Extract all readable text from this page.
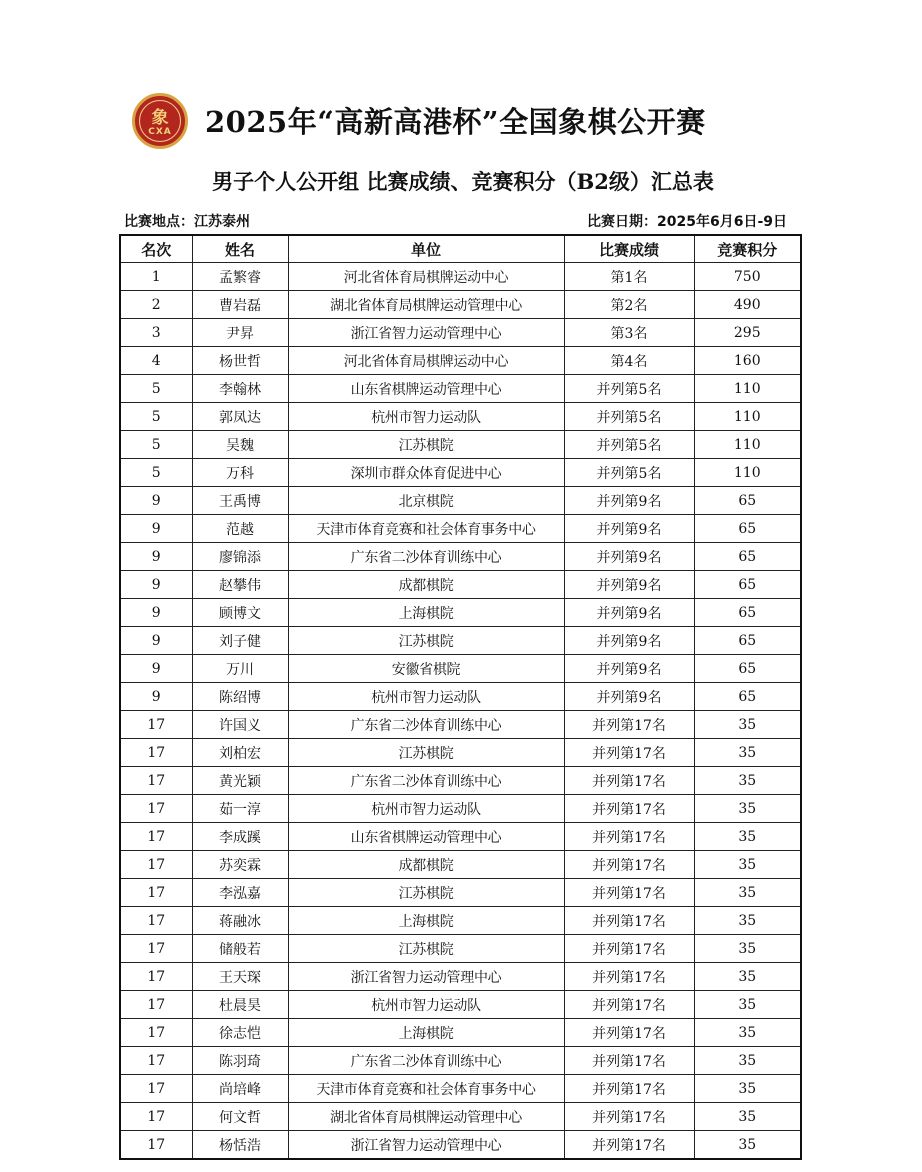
象
CXA	2025年“高新高港杯”全国象棋公开赛
男子个人公开组 比赛成绩、竞赛积分（B2级）汇总表
比赛地点：江苏泰州	比赛日期：2025年6月6日-9日
名次	姓名	单位	比赛成绩	竞赛积分
1	孟繁睿	河北省体育局棋牌运动中心	第1名	750
2	曹岩磊	湖北省体育局棋牌运动管理中心	第2名	490
3	尹昇	浙江省智力运动管理中心	第3名	295
4	杨世哲	河北省体育局棋牌运动中心	第4名	160
5	李翰林	山东省棋牌运动管理中心	并列第5名	110
5	郭凤达	杭州市智力运动队	并列第5名	110
5	吴魏	江苏棋院	并列第5名	110
5	万科	深圳市群众体育促进中心	并列第5名	110
9	王禹博	北京棋院	并列第9名	65
9	范越	天津市体育竞赛和社会体育事务中心	并列第9名	65
9	廖锦添	广东省二沙体育训练中心	并列第9名	65
9	赵攀伟	成都棋院	并列第9名	65
9	顾博文	上海棋院	并列第9名	65
9	刘子健	江苏棋院	并列第9名	65
9	万川	安徽省棋院	并列第9名	65
9	陈绍博	杭州市智力运动队	并列第9名	65
17	许国义	广东省二沙体育训练中心	并列第17名	35
17	刘柏宏	江苏棋院	并列第17名	35
17	黄光颖	广东省二沙体育训练中心	并列第17名	35
17	茹一淳	杭州市智力运动队	并列第17名	35
17	李成蹊	山东省棋牌运动管理中心	并列第17名	35
17	苏奕霖	成都棋院	并列第17名	35
17	李泓嘉	江苏棋院	并列第17名	35
17	蒋融冰	上海棋院	并列第17名	35
17	储般若	江苏棋院	并列第17名	35
17	王天琛	浙江省智力运动管理中心	并列第17名	35
17	杜晨昊	杭州市智力运动队	并列第17名	35
17	徐志恺	上海棋院	并列第17名	35
17	陈羽琦	广东省二沙体育训练中心	并列第17名	35
17	尚培峰	天津市体育竞赛和社会体育事务中心	并列第17名	35
17	何文哲	湖北省体育局棋牌运动管理中心	并列第17名	35
17	杨恬浩	浙江省智力运动管理中心	并列第17名	35
